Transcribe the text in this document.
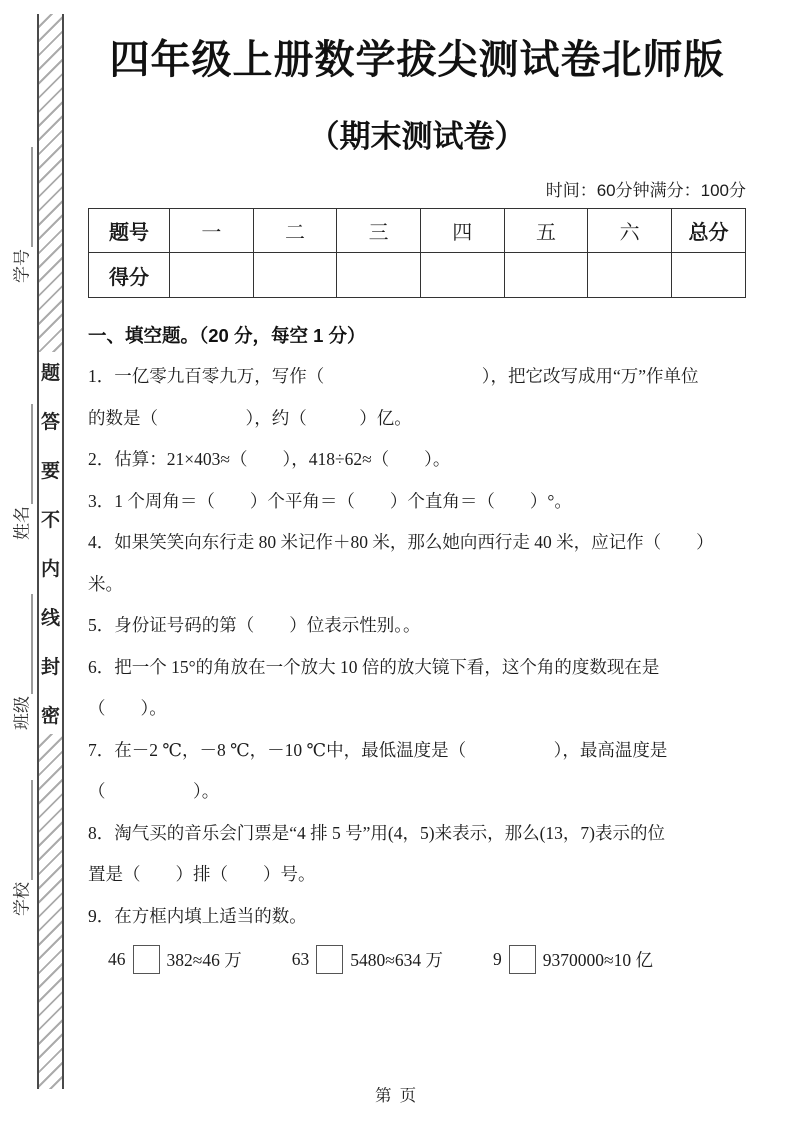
学号
姓名
班级
学校
题
答
要
不
内
线
封
密
四年级上册数学拔尖测试卷北师版
（期末测试卷）
时间：60分钟满分：100分
题号	一	二	三	四	五	六	总分
得分							
一、填空题。（20 分，每空 1 分）
1．一亿零九百零九万，写作（　　　　　　　　　），把它改写成用“万”作单位
的数是（　　　　　），约（　　　）亿。
2．估算：21×403≈（　　），418÷62≈（　　）。
3．1 个周角＝（　　）个平角＝（　　）个直角＝（　　）°。
4．如果笑笑向东行走 80 米记作＋80 米，那么她向西行走 40 米，应记作（　　）
米。
5．身份证号码的第（　　）位表示性别。。
6．把一个 15°的角放在一个放大 10 倍的放大镜下看，这个角的度数现在是
（　　）。
7．在－2 ℃，－8 ℃，－10 ℃中，最低温度是（　　　　　），最高温度是
（　　　　　）。
8．淘气买的音乐会门票是“4 排 5 号”用(4，5)来表示，那么(13，7)表示的位
置是（　　）排（　　）号。
9．在方框内填上适当的数。
46 382≈46 万	63 5480≈634 万	9 9370000≈10 亿
第 页
